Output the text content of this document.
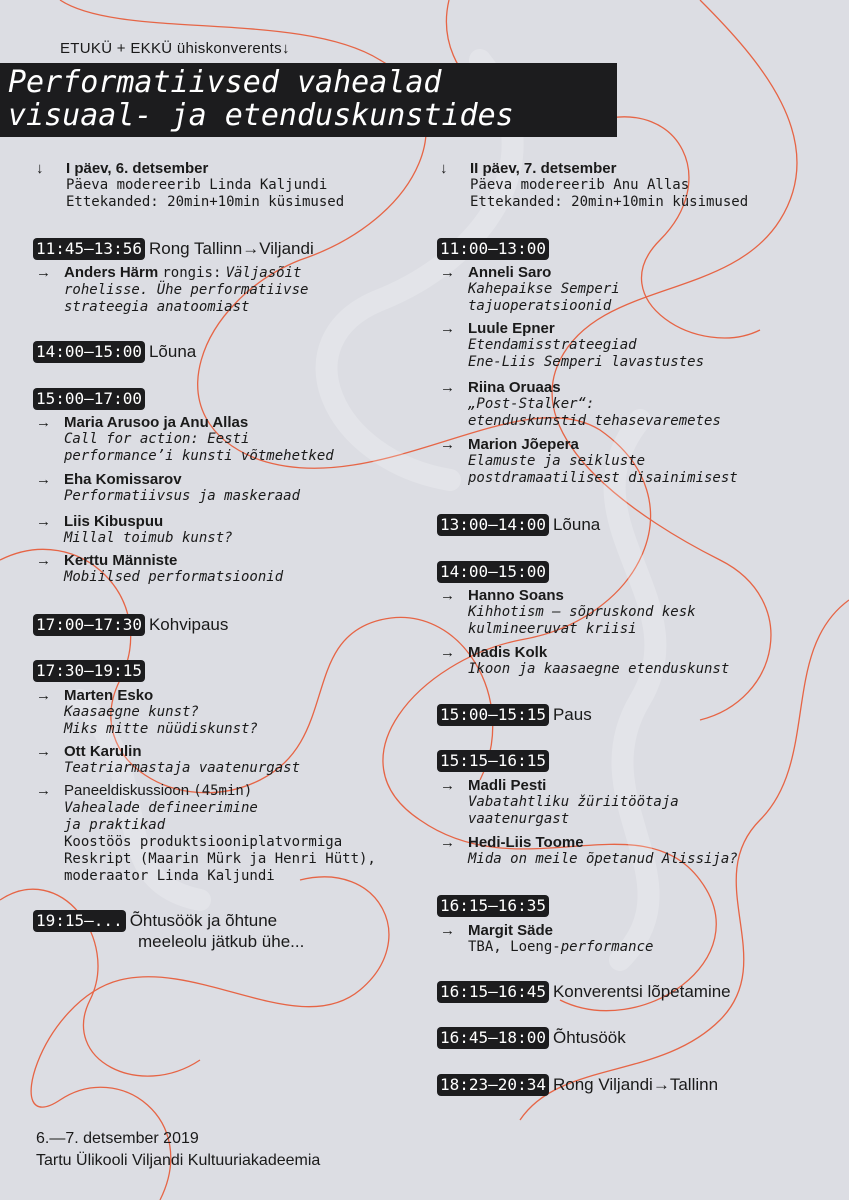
ETUKÜ + EKKÜ ühiskonverents↓
Performatiivsed vahealad
visuaal- ja etenduskunstides
↓ I päev, 6. detsember
Päeva modereerib Linda Kaljundi
Ettekanded: 20min+10min küsimused
11:45—13:56 Rong Tallinn→Viljandi
→ Anders Härm rongis: Väljasõit
rohelisse. Ühe performatiivse
strateegia anatoomiast
14:00—15:00 Lõuna
15:00—17:00
→ Maria Arusoo ja Anu Allas
Call for action: Eesti
performance’i kunsti võtmehetked
→ Eha Komissarov
Performatiivsus ja maskeraad
→ Liis Kibuspuu
Millal toimub kunst?
→ Kerttu Männiste
Mobiilsed performatsioonid
17:00—17:30 Kohvipaus
17:30—19:15
→ Marten Esko
Kaasaegne kunst?
Miks mitte nüüdiskunst?
→ Ott Karulin
Teatriarmastaja vaatenurgast
→ Paneeldiskussioon (45min)
Vahealade defineerimine
ja praktikad
Koostöös produktsiooniplatvormiga
Reskript (Maarin Mürk ja Henri Hütt),
moderaator Linda Kaljundi
19:15—... Õhtusöök ja õhtune
meeleolu jätkub ühe...
↓ II päev, 7. detsember
Päeva modereerib Anu Allas
Ettekanded: 20min+10min küsimused
11:00—13:00
→ Anneli Saro
Kahepaikse Semperi
tajuoperatsioonid
→ Luule Epner
Etendamisstrateegiad
Ene-Liis Semperi lavastustes
→ Riina Oruaas
„Post-Stalker“:
etenduskunstid tehasevaremetes
→ Marion Jõepera
Elamuste ja seikluste
postdramaatilisest disainimisest
13:00—14:00 Lõuna
14:00—15:00
→ Hanno Soans
Kihhotism — sõpruskond kesk
kulmineeruvat kriisi
→ Madis Kolk
Ikoon ja kaasaegne etenduskunst
15:00—15:15 Paus
15:15—16:15
→ Madli Pesti
Vabatahtliku žüriitöötaja
vaatenurgast
→ Hedi-Liis Toome
Mida on meile õpetanud Alissija?
16:15—16:35
→ Margit Säde
TBA, Loeng-performance
16:15—16:45 Konverentsi lõpetamine
16:45—18:00 Õhtusöök
18:23—20:34 Rong Viljandi→Tallinn
6.—7. detsember 2019
Tartu Ülikooli Viljandi Kultuuriakadeemia
